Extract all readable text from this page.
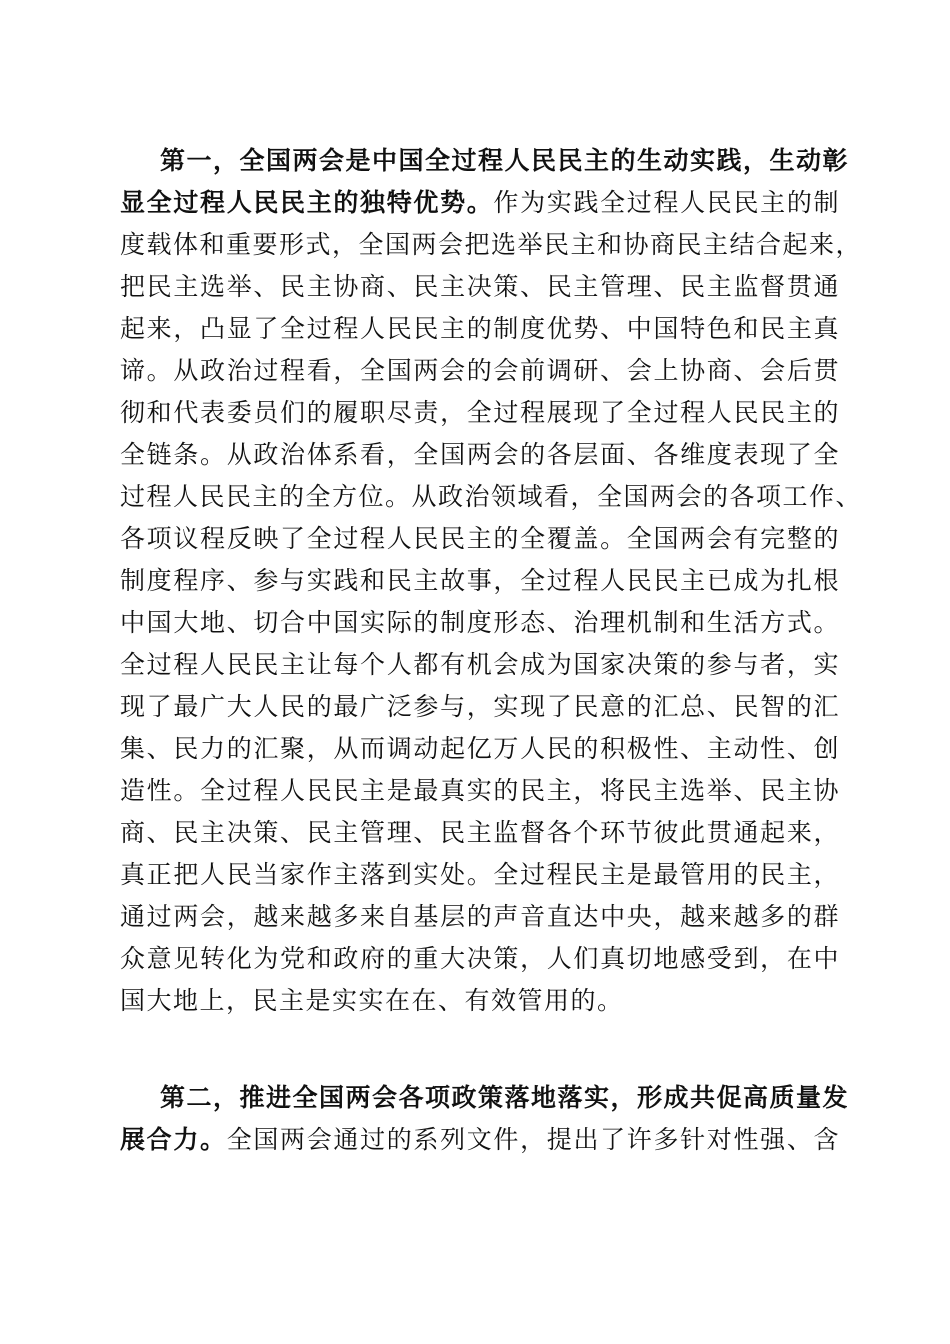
第一，全国两会是中国全过程人民民主的生动实践，生动彰
显全过程人民民主的独特优势。作为实践全过程人民民主的制
度载体和重要形式，全国两会把选举民主和协商民主结合起来，
把民主选举、民主协商、民主决策、民主管理、民主监督贯通
起来，凸显了全过程人民民主的制度优势、中国特色和民主真
谛。从政治过程看，全国两会的会前调研、会上协商、会后贯
彻和代表委员们的履职尽责，全过程展现了全过程人民民主的
全链条。从政治体系看，全国两会的各层面、各维度表现了全
过程人民民主的全方位。从政治领域看，全国两会的各项工作、
各项议程反映了全过程人民民主的全覆盖。全国两会有完整的
制度程序、参与实践和民主故事，全过程人民民主已成为扎根
中国大地、切合中国实际的制度形态、治理机制和生活方式。
全过程人民民主让每个人都有机会成为国家决策的参与者，实
现了最广大人民的最广泛参与，实现了民意的汇总、民智的汇
集、民力的汇聚，从而调动起亿万人民的积极性、主动性、创
造性。全过程人民民主是最真实的民主，将民主选举、民主协
商、民主决策、民主管理、民主监督各个环节彼此贯通起来，
真正把人民当家作主落到实处。全过程民主是最管用的民主，
通过两会，越来越多来自基层的声音直达中央，越来越多的群
众意见转化为党和政府的重大决策，人们真切地感受到，在中
国大地上，民主是实实在在、有效管用的。
第二，推进全国两会各项政策落地落实，形成共促高质量发
展合力。全国两会通过的系列文件，提出了许多针对性强、含
